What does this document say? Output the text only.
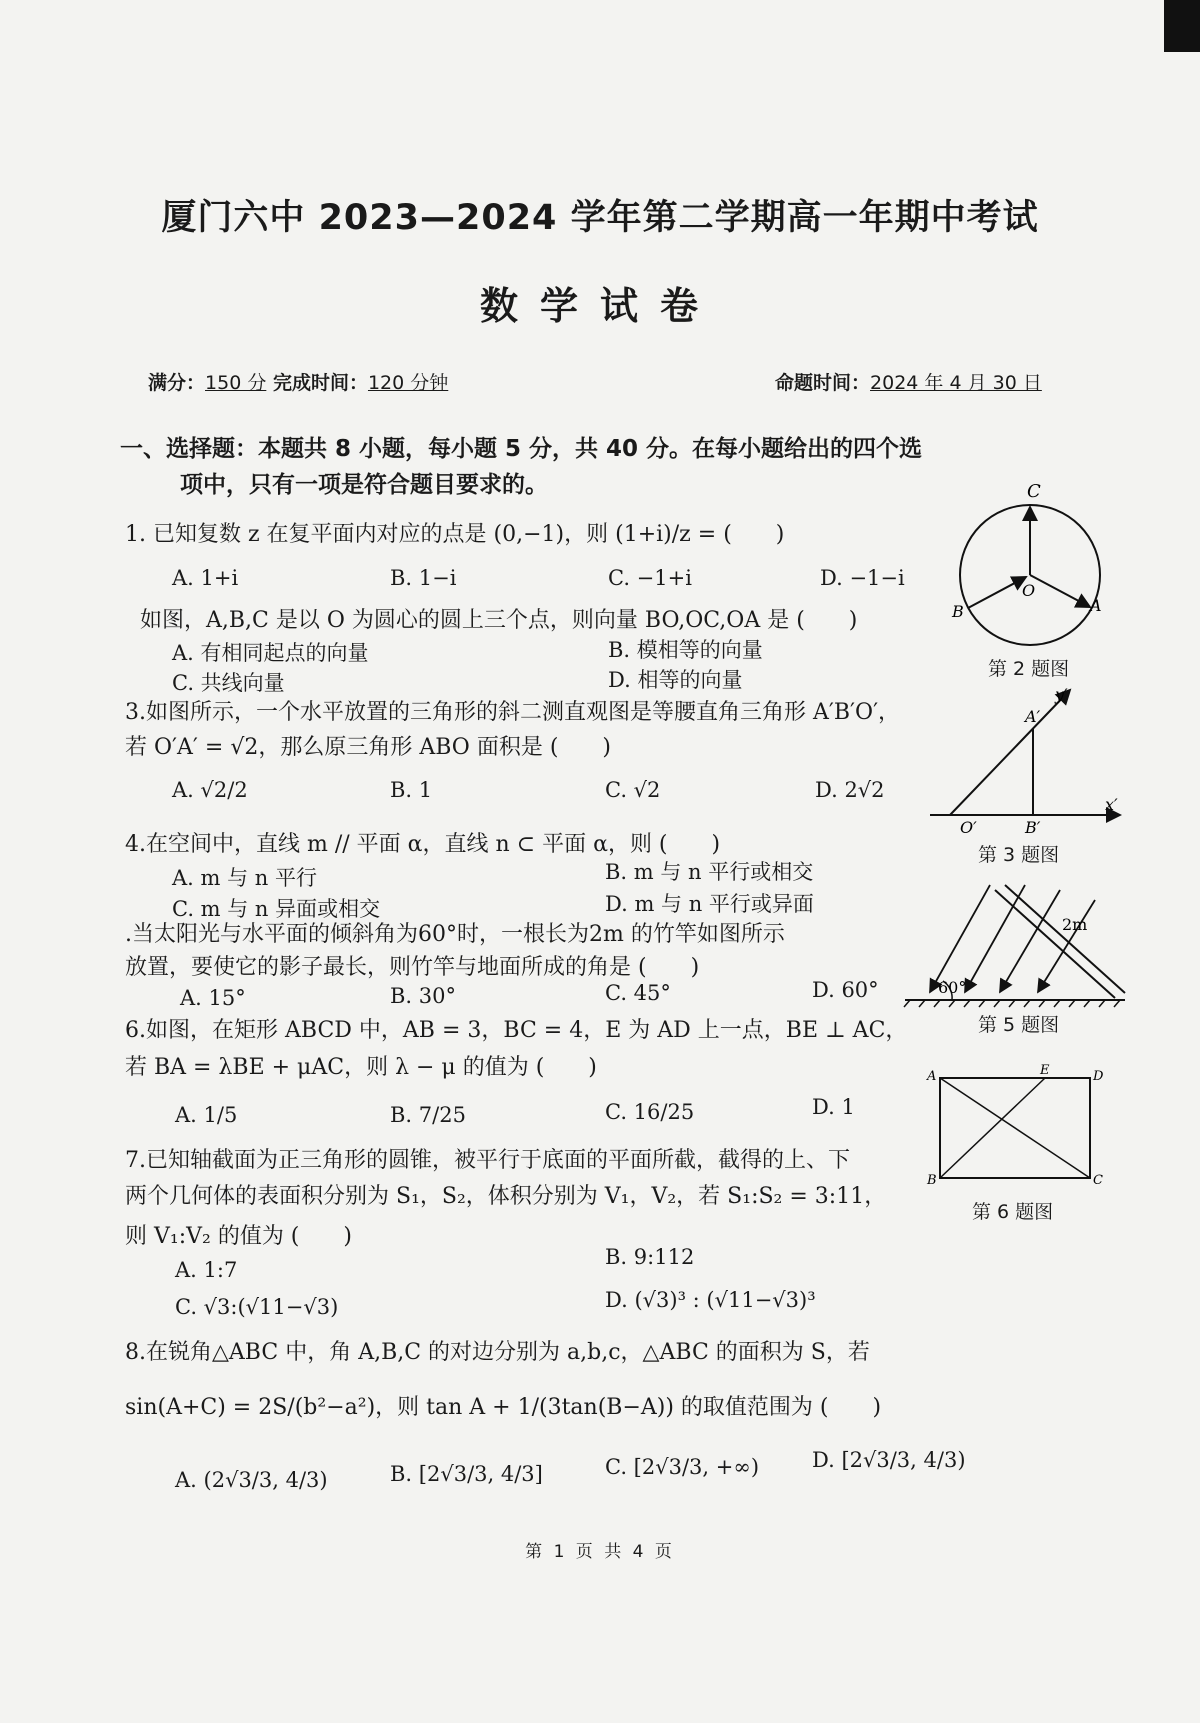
厦门六中 2023—2024 学年第二学期高一年期中考试
数学试卷
满分：150 分 完成时间：120 分钟	命题时间：2024 年 4 月 30 日
一、选择题：本题共 8 小题，每小题 5 分，共 40 分。在每小题给出的四个选
项中，只有一项是符合题目要求的。
1. 已知复数 z 在复平面内对应的点是 (0,−1)，则 (1+i)/z = (　　)
A. 1+i	B. 1−i	C. −1+i	D. −1−i
如图，A,B,C 是以 O 为圆心的圆上三个点，则向量 BO,OC,OA 是 (　　)
A. 有相同起点的向量	B. 模相等的向量
C. 共线向量	D. 相等的向量
3.如图所示，一个水平放置的三角形的斜二测直观图是等腰直角三角形 A′B′O′，
若 O′A′ = √2，那么原三角形 ABO 面积是 (　　)
A. √2/2	B. 1	C. √2	D. 2√2
4.在空间中，直线 m // 平面 α，直线 n ⊂ 平面 α，则 (　　)
A. m 与 n 平行	B. m 与 n 平行或相交
C. m 与 n 异面或相交	D. m 与 n 平行或异面
.当太阳光与水平面的倾斜角为60°时，一根长为2m 的竹竿如图所示
放置，要使它的影子最长，则竹竿与地面所成的角是 (　　)
A. 15°	B. 30°	C. 45°	D. 60°
6.如图，在矩形 ABCD 中，AB = 3，BC = 4，E 为 AD 上一点，BE ⊥ AC，
若 BA = λBE + μAC，则 λ − μ 的值为 (　　)
A. 1/5	B. 7/25	C. 16/25	D. 1
7.已知轴截面为正三角形的圆锥，被平行于底面的平面所截，截得的上、下
两个几何体的表面积分别为 S₁，S₂，体积分别为 V₁，V₂，若 S₁:S₂ = 3:11，
则 V₁:V₂ 的值为 (　　)
A. 1:7
B. 9:112
C. √3:(√11−√3)	D. (√3)³ : (√11−√3)³
8.在锐角△ABC 中，角 A,B,C 的对边分别为 a,b,c，△ABC 的面积为 S，若
sin(A+C) = 2S/(b²−a²)，则 tan A + 1/(3tan(B−A)) 的取值范围为 (　　)
A. (2√3/3, 4/3)	B. [2√3/3, 4/3]	C. [2√3/3, +∞)	D. [2√3/3, 4/3)
C
O
A
B
第 2 题图
y′
x′
A′
O′	B′
第 3 题图
2m
60°
第 5 题图
A	E	D
B	C
第 6 题图
第 1 页 共 4 页
